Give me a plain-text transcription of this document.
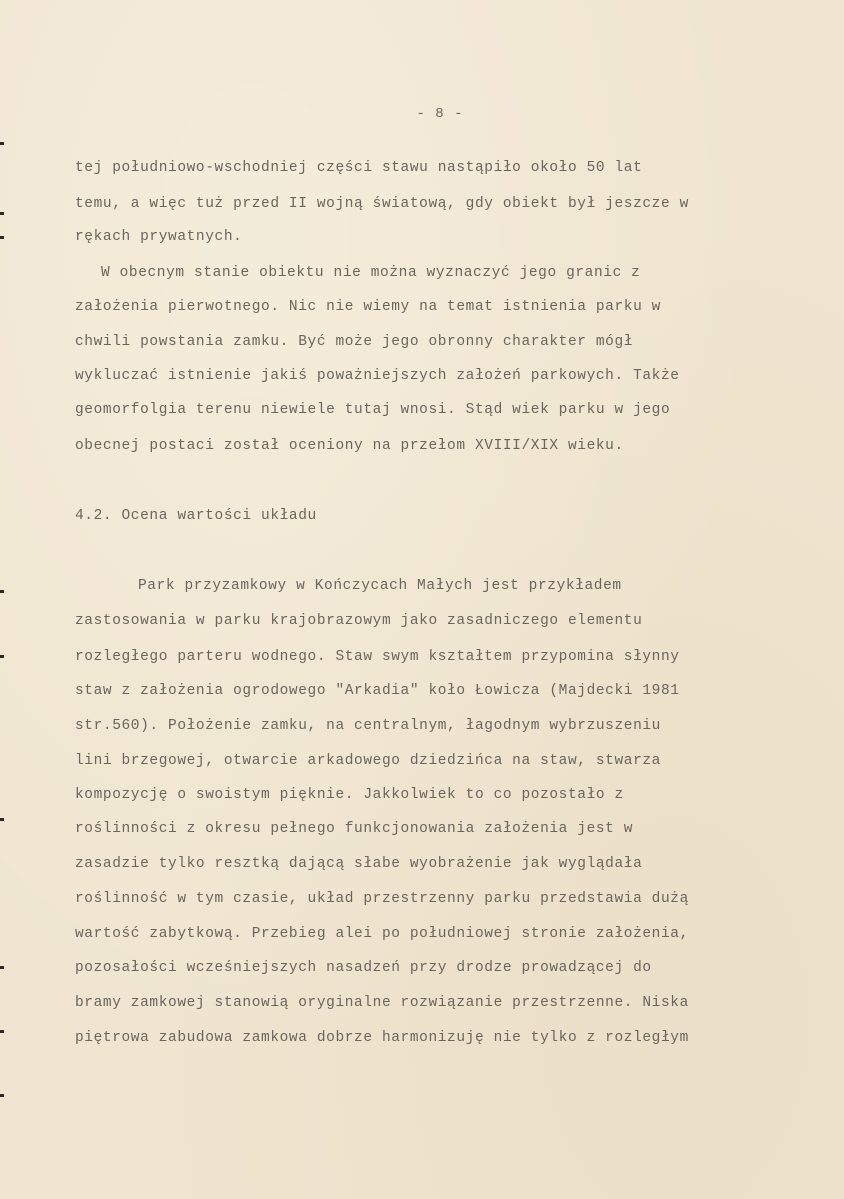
- 8 -
tej południowo-wschodniej części stawu nastąpiło około 50 lat
temu, a więc tuż przed II wojną światową, gdy obiekt był jeszcze w
rękach prywatnych.
W obecnym stanie obiektu nie można wyznaczyć jego granic z
założenia pierwotnego. Nic nie wiemy na temat istnienia parku w
chwili powstania zamku. Być może jego obronny charakter mógł
wykluczać istnienie jakiś poważniejszych założeń parkowych. Także
geomorfolgia terenu niewiele tutaj wnosi. Stąd wiek parku w jego
obecnej postaci został oceniony na przełom XVIII/XIX wieku.
4.2. Ocena wartości układu
Park przyzamkowy w Kończycach Małych jest przykładem
zastosowania w parku krajobrazowym jako zasadniczego elementu
rozległego parteru wodnego. Staw swym kształtem przypomina słynny
staw z założenia ogrodowego "Arkadia" koło Łowicza (Majdecki 1981
str.560). Położenie zamku, na centralnym, łagodnym wybrzuszeniu
lini brzegowej, otwarcie arkadowego dziedzińca na staw, stwarza
kompozycję o swoistym pięknie. Jakkolwiek to co pozostało z
roślinności z okresu pełnego funkcjonowania założenia jest w
zasadzie tylko resztką dającą słabe wyobrażenie jak wyglądała
roślinność w tym czasie, układ przestrzenny parku przedstawia dużą
wartość zabytkową. Przebieg alei po południowej stronie założenia,
pozosałości wcześniejszych nasadzeń przy drodze prowadzącej do
bramy zamkowej stanowią oryginalne rozwiązanie przestrzenne. Niska
piętrowa zabudowa zamkowa dobrze harmonizuję nie tylko z rozległym
